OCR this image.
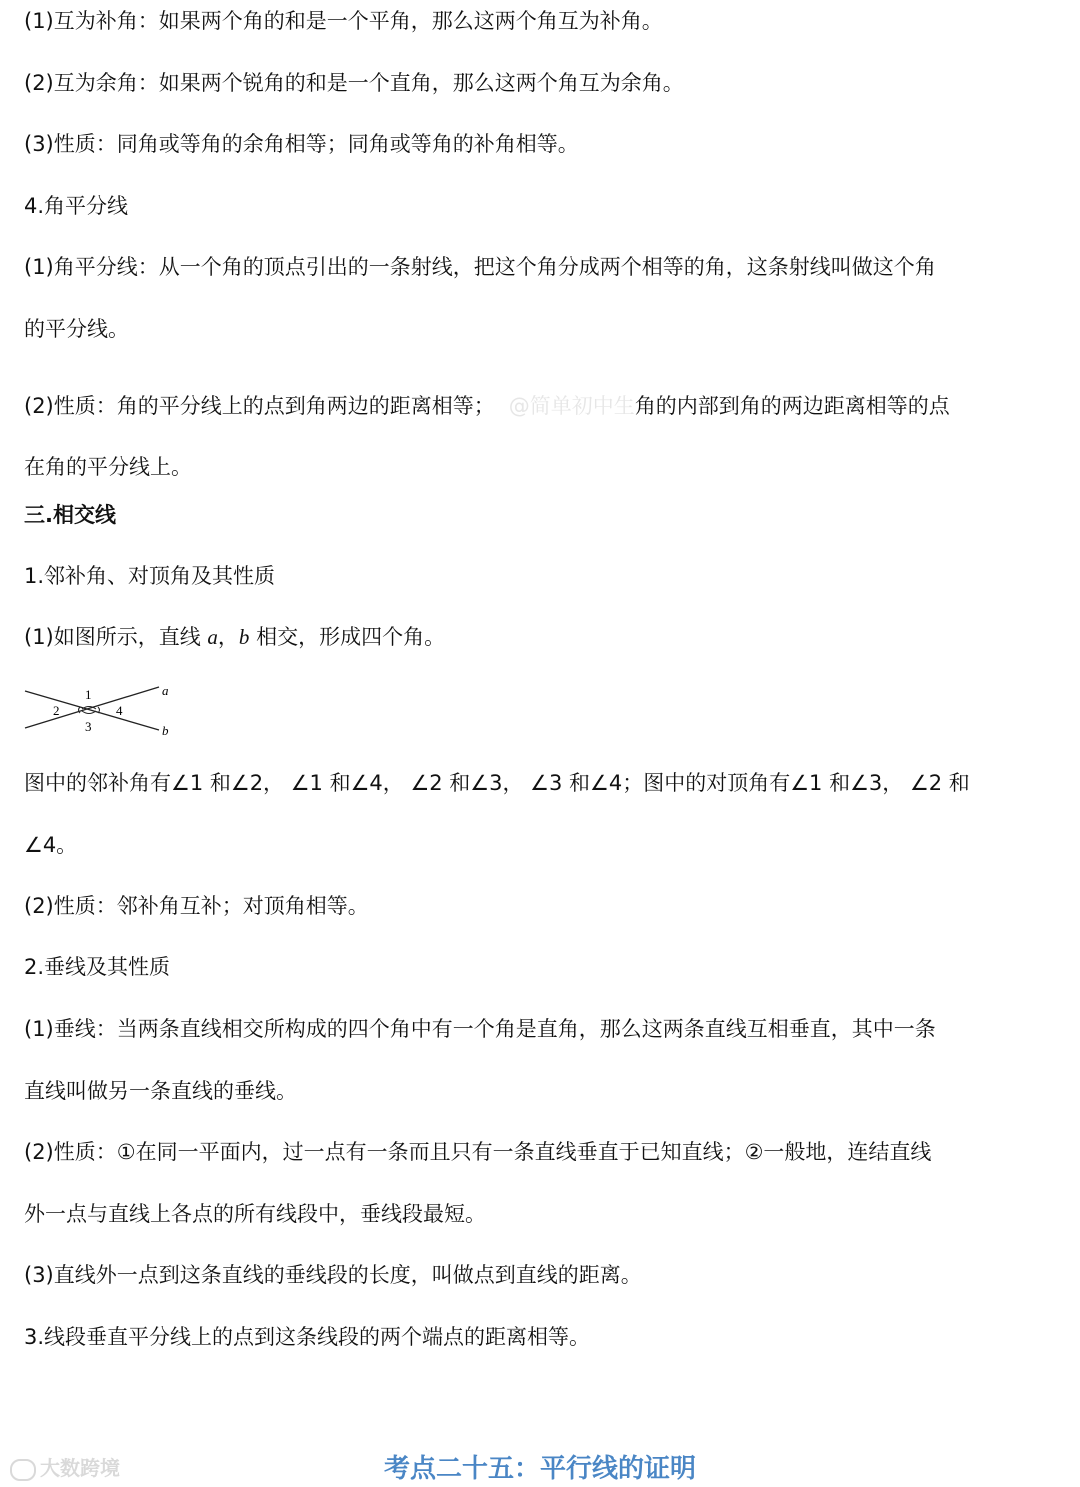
(1)互为补角：如果两个角的和是一个平角，那么这两个角互为补角。
(2)互为余角：如果两个锐角的和是一个直角，那么这两个角互为余角。
(3)性质：同角或等角的余角相等；同角或等角的补角相等。
4.角平分线
(1)角平分线：从一个角的顶点引出的一条射线，把这个角分成两个相等的角，这条射线叫做这个角
的平分线。
(2)性质：角的平分线上的点到角两边的距离相等； @简单初中生角的内部到角的两边距离相等的点
在角的平分线上。
三.相交线
1.邻补角、对顶角及其性质
(1)如图所示，直线 a，b 相交，形成四个角。
1
2
3
4
a
b
图中的邻补角有∠1 和∠2， ∠1 和∠4， ∠2 和∠3， ∠3 和∠4；图中的对顶角有∠1 和∠3， ∠2 和
∠4。
(2)性质：邻补角互补；对顶角相等。
2.垂线及其性质
(1)垂线：当两条直线相交所构成的四个角中有一个角是直角，那么这两条直线互相垂直，其中一条
直线叫做另一条直线的垂线。
(2)性质：①在同一平面内，过一点有一条而且只有一条直线垂直于已知直线；②一般地，连结直线
外一点与直线上各点的所有线段中，垂线段最短。
(3)直线外一点到这条直线的垂线段的长度，叫做点到直线的距离。
3.线段垂直平分线上的点到这条线段的两个端点的距离相等。
大数跨境	考点二十五：平行线的证明
